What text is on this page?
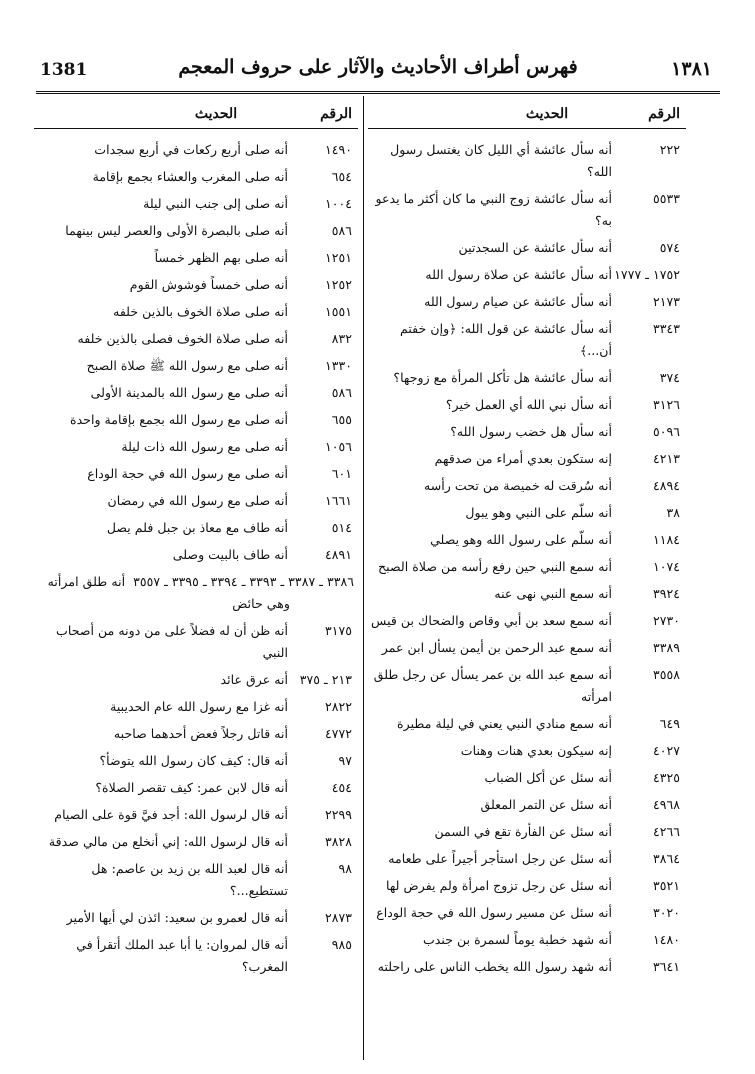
1381	فهرس أطراف الأحاديث والآثار على حروف المعجم	١٣٨١
الرقم
الحديث
٢٢٢
أنه سأل عائشة أي الليل كان يغتسل رسول الله؟
٥٥٣٣
أنه سأل عائشة زوج النبي ما كان أكثر ما يدعو به؟
٥٧٤
أنه سأل عائشة عن السجدتين
١٧٥٢ ـ ١٧٧٧
أنه سأل عائشة عن صلاة رسول الله
٢١٧٣
أنه سأل عائشة عن صيام رسول الله
٣٣٤٣
أنه سأل عائشة عن قول الله: ﴿وإن خفتم أن...﴾
٣٧٤
أنه سأل عائشة هل تأكل المرأة مع زوجها؟
٣١٢٦
أنه سأل نبي الله أي العمل خير؟
٥٠٩٦
أنه سأل هل خضب رسول الله؟
٤٢١٣
إنه ستكون بعدي أمراء من صدقهم
٤٨٩٤
أنه سُرقت له خميصة من تحت رأسه
٣٨
أنه سلّم على النبي وهو يبول
١١٨٤
أنه سلّم على رسول الله وهو يصلي
١٠٧٤
أنه سمع النبي حين رفع رأسه من صلاة الصبح
٣٩٢٤
أنه سمع النبي نهى عنه
٢٧٣٠
أنه سمع سعد بن أبي وقاص والضحاك بن قيس
٣٣٨٩
أنه سمع عبد الرحمن بن أيمن يسأل ابن عمر
٣٥٥٨
أنه سمع عبد الله بن عمر يسأل عن رجل طلق امرأته
٦٤٩
أنه سمع منادي النبي يعني في ليلة مطيرة
٤٠٢٧
إنه سيكون بعدي هنات وهنات
٤٣٢٥
أنه سئل عن أكل الضباب
٤٩٦٨
أنه سئل عن التمر المعلق
٤٢٦٦
أنه سئل عن الفأرة تقع في السمن
٣٨٦٤
أنه سئل عن رجل استأجر أجيراً على طعامه
٣٥٢١
أنه سئل عن رجل تزوج امرأة ولم يفرض لها
٣٠٢٠
أنه سئل عن مسير رسول الله في حجة الوداع
١٤٨٠
أنه شهد خطبة يوماً لسمرة بن جندب
٣٦٤١
أنه شهد رسول الله يخطب الناس على راحلته
الرقم
الحديث
١٤٩٠
أنه صلى أربع ركعات في أربع سجدات
٦٥٤
أنه صلى المغرب والعشاء بجمع بإقامة
١٠٠٤
أنه صلى إلى جنب النبي ليلة
٥٨٦
أنه صلى بالبصرة الأولى والعصر ليس بينهما
١٢٥١
أنه صلى بهم الظهر خمساً
١٢٥٢
أنه صلى خمساً فوشوش القوم
١٥٥١
أنه صلى صلاة الخوف بالذين خلفه
٨٣٢
أنه صلى صلاة الخوف فصلى بالذين خلفه
١٣٣٠
أنه صلى مع رسول الله ﷺ صلاة الصبح
٥٨٦
أنه صلى مع رسول الله بالمدينة الأولى
٦٥٥
أنه صلى مع رسول الله بجمع بإقامة واحدة
١٠٥٦
أنه صلى مع رسول الله ذات ليلة
٦٠١
أنه صلى مع رسول الله في حجة الوداع
١٦٦١
أنه صلى مع رسول الله في رمضان
٥١٤
أنه طاف مع معاذ بن جبل فلم يصل
٤٨٩١
أنه طاف بالبيت وصلى
٣٣٨٦ ـ ٣٣٨٧ ـ ٣٣٩٣ ـ ٣٣٩٤ ـ ٣٣٩٥ ـ ٣٥٥٧ أنه طلق امرأته
وهي حائض
٣١٧٥
أنه ظن أن له فضلاً على من دونه من أصحاب النبي
٢١٣ ـ ٣٧٥
أنه عرق عائد
٢٨٢٢
أنه غزا مع رسول الله عام الحديبية
٤٧٧٢
أنه قاتل رجلاً فعض أحدهما صاحبه
٩٧
أنه قال: كيف كان رسول الله يتوضأ؟
٤٥٤
أنه قال لابن عمر: كيف تقصر الصلاة؟
٢٢٩٩
أنه قال لرسول الله: أجد فيَّ قوة على الصيام
٣٨٢٨
أنه قال لرسول الله: إني أنخلع من مالي صدقة
٩٨
أنه قال لعبد الله بن زيد بن عاصم: هل تستطيع...؟
٢٨٧٣
أنه قال لعمرو بن سعيد: ائذن لي أيها الأمير
٩٨٥
أنه قال لمروان: يا أبا عبد الملك أتقرأ في المغرب؟
